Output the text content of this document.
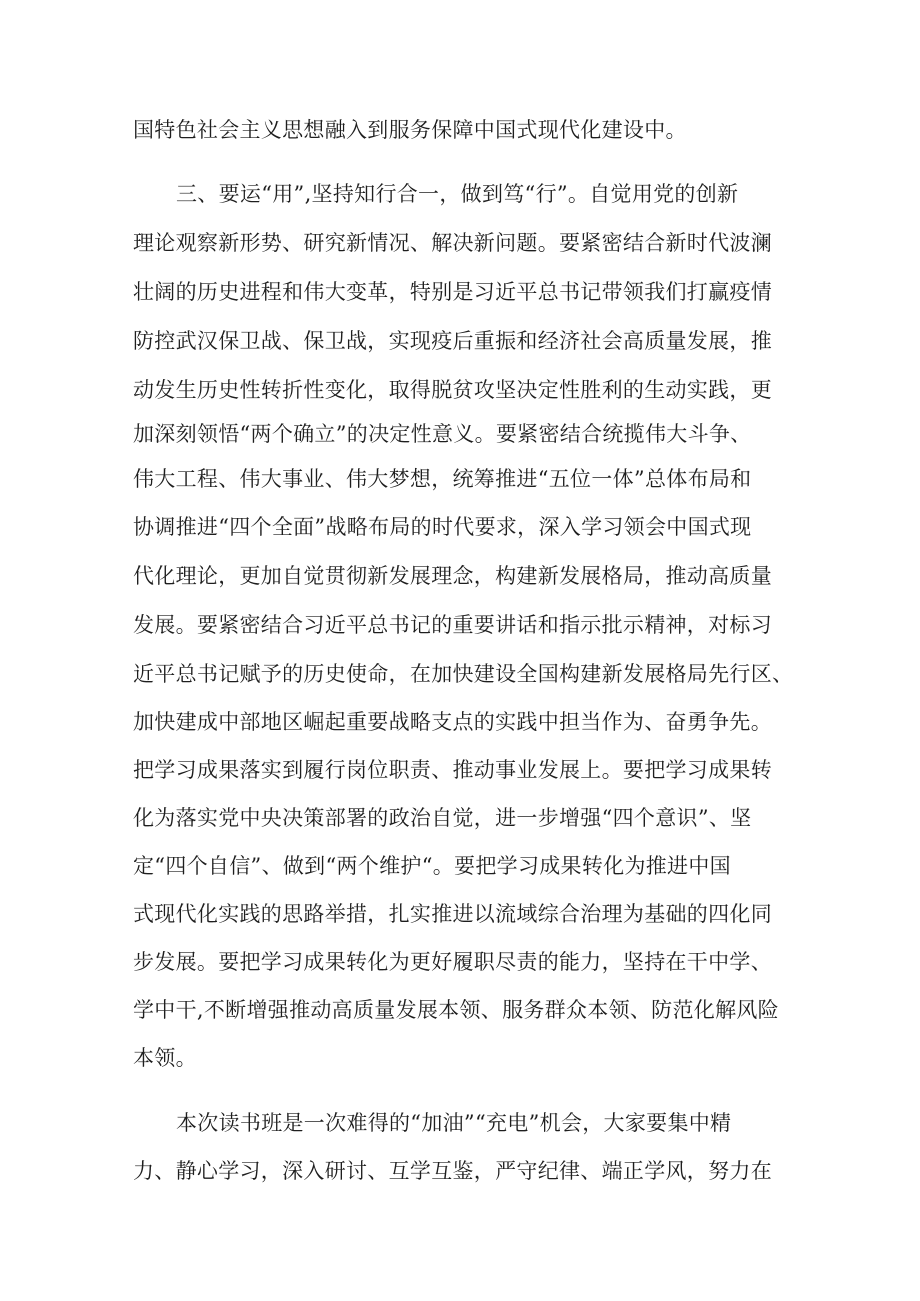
国特色社会主义思想融入到服务保障中国式现代化建设中。
三、要运“用”,坚持知行合一，做到笃“行”。自觉用党的创新
理论观察新形势、研究新情况、解决新问题。要紧密结合新时代波澜
壮阔的历史进程和伟大变革，特别是习近平总书记带领我们打赢疫情
防控武汉保卫战、保卫战，实现疫后重振和经济社会高质量发展，推
动发生历史性转折性变化，取得脱贫攻坚决定性胜利的生动实践，更
加深刻领悟“两个确立”的决定性意义。要紧密结合统揽伟大斗争、
伟大工程、伟大事业、伟大梦想，统筹推进“五位一体”总体布局和
协调推进“四个全面”战略布局的时代要求，深入学习领会中国式现
代化理论，更加自觉贯彻新发展理念，构建新发展格局，推动高质量
发展。要紧密结合习近平总书记的重要讲话和指示批示精神，对标习
近平总书记赋予的历史使命，在加快建设全国构建新发展格局先行区、
加快建成中部地区崛起重要战略支点的实践中担当作为、奋勇争先。
把学习成果落实到履行岗位职责、推动事业发展上。要把学习成果转
化为落实党中央决策部署的政治自觉，进一步增强“四个意识”、坚
定“四个自信”、做到“两个维护“。要把学习成果转化为推进中国
式现代化实践的思路举措，扎实推进以流域综合治理为基础的四化同
步发展。要把学习成果转化为更好履职尽责的能力，坚持在干中学、
学中干,不断增强推动高质量发展本领、服务群众本领、防范化解风险
本领。
本次读书班是一次难得的“加油”“充电”机会，大家要集中精
力、静心学习，深入研讨、互学互鉴，严守纪律、端正学风，努力在
